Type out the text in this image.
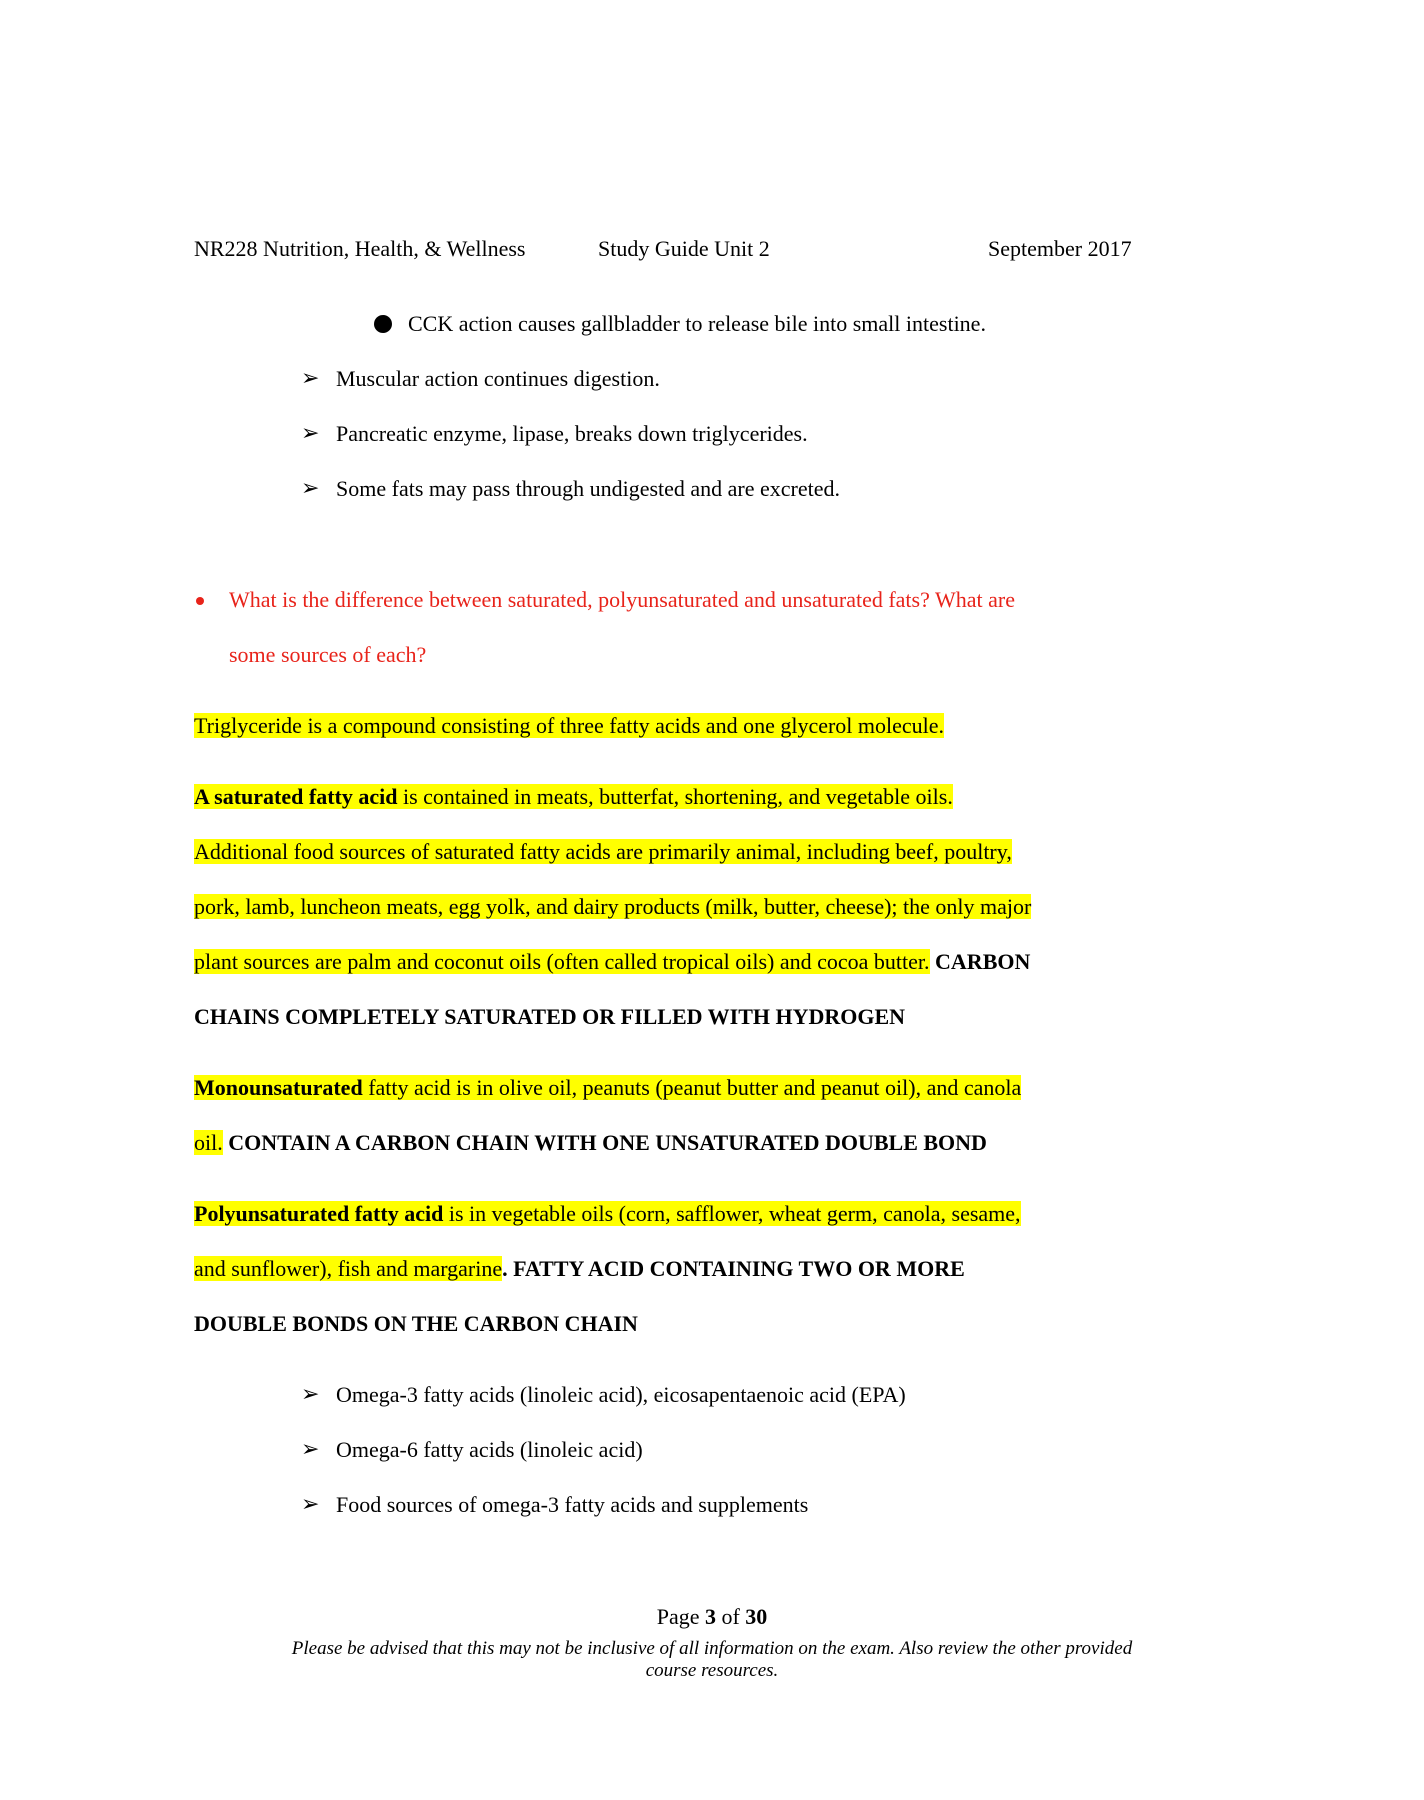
NR228 Nutrition, Health, & Wellness	Study Guide Unit 2	September 2017
CCK action causes gallbladder to release bile into small intestine.
➢ Muscular action continues digestion.
➢ Pancreatic enzyme, lipase, breaks down triglycerides.
➢ Some fats may pass through undigested and are excreted.
What is the difference between saturated, polyunsaturated and unsaturated fats? What are
some sources of each?
Triglyceride is a compound consisting of three fatty acids and one glycerol molecule.
A saturated fatty acid is contained in meats, butterfat, shortening, and vegetable oils.
Additional food sources of saturated fatty acids are primarily animal, including beef, poultry,
pork, lamb, luncheon meats, egg yolk, and dairy products (milk, butter, cheese); the only major
plant sources are palm and coconut oils (often called tropical oils) and cocoa butter. CARBON
CHAINS COMPLETELY SATURATED OR FILLED WITH HYDROGEN
Monounsaturated fatty acid is in olive oil, peanuts (peanut butter and peanut oil), and canola
oil. CONTAIN A CARBON CHAIN WITH ONE UNSATURATED DOUBLE BOND
Polyunsaturated fatty acid is in vegetable oils (corn, safflower, wheat germ, canola, sesame,
and sunflower), fish and margarine. FATTY ACID CONTAINING TWO OR MORE
DOUBLE BONDS ON THE CARBON CHAIN
➢ Omega-3 fatty acids (linoleic acid), eicosapentaenoic acid (EPA)
➢ Omega-6 fatty acids (linoleic acid)
➢ Food sources of omega-3 fatty acids and supplements
Page 3 of 30
Please be advised that this may not be inclusive of all information on the exam. Also review the other provided
course resources.
